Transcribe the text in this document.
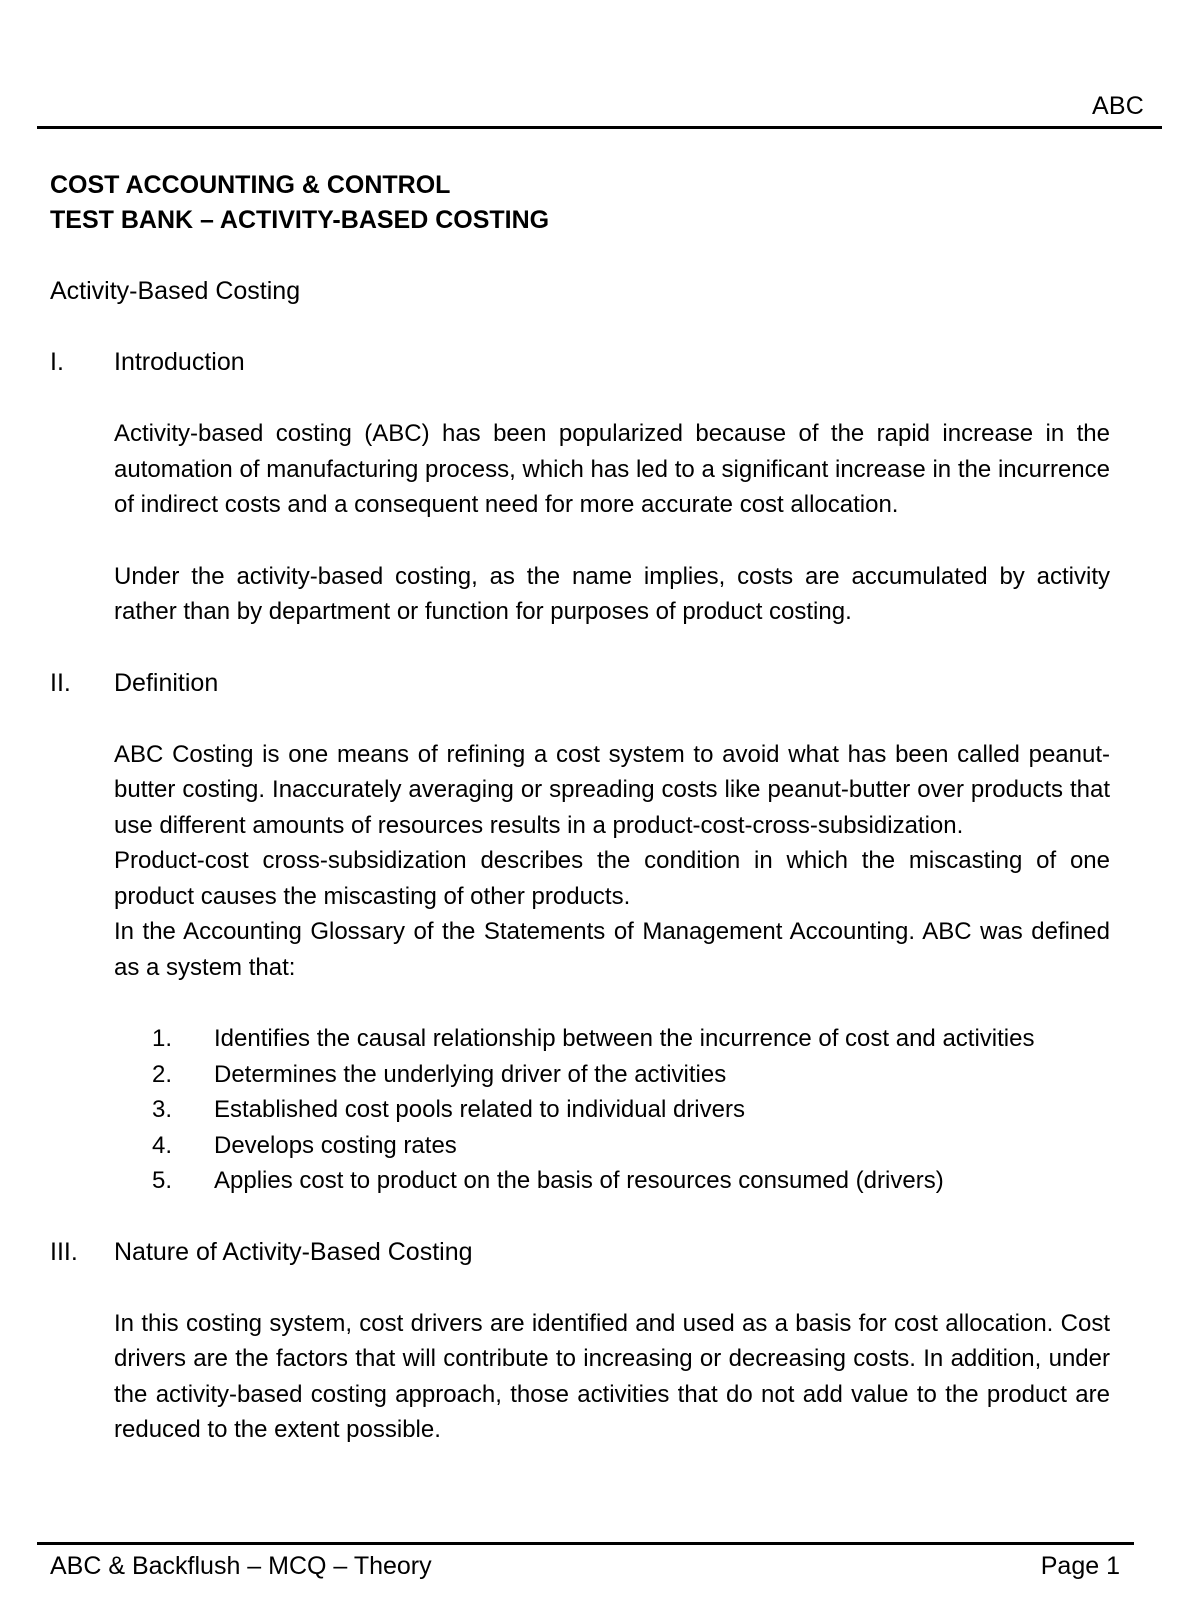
ABC

COST ACCOUNTING & CONTROL

TEST BANK – ACTIVITY-BASED COSTING

Activity-Based Costing

I.	Introduction

Activity-based costing (ABC) has been popularized because of the rapid increase in the automation of manufacturing process, which has led to a significant increase in the incurrence of indirect costs and a consequent need for more accurate cost allocation.

Under the activity-based costing, as the name implies, costs are accumulated by activity rather than by department or function for purposes of product costing.

II.	Definition

ABC Costing is one means of refining a cost system to avoid what has been called peanut-butter costing. Inaccurately averaging or spreading costs like peanut-butter over products that use different amounts of resources results in a product-cost-cross-subsidization.

Product-cost cross-subsidization describes the condition in which the miscasting of one product causes the miscasting of other products.

In the Accounting Glossary of the Statements of Management Accounting. ABC was defined as a system that:

1.	Identifies the causal relationship between the incurrence of cost and activities
2.	Determines the underlying driver of the activities
3.	Established cost pools related to individual drivers
4.	Develops costing rates
5.	Applies cost to product on the basis of resources consumed (drivers)
III.	Nature of Activity-Based Costing

In this costing system, cost drivers are identified and used as a basis for cost allocation. Cost drivers are the factors that will contribute to increasing or decreasing costs. In addition, under the activity-based costing approach, those activities that do not add value to the product are reduced to the extent possible.

ABC & Backflush – MCQ – Theory	Page 1
